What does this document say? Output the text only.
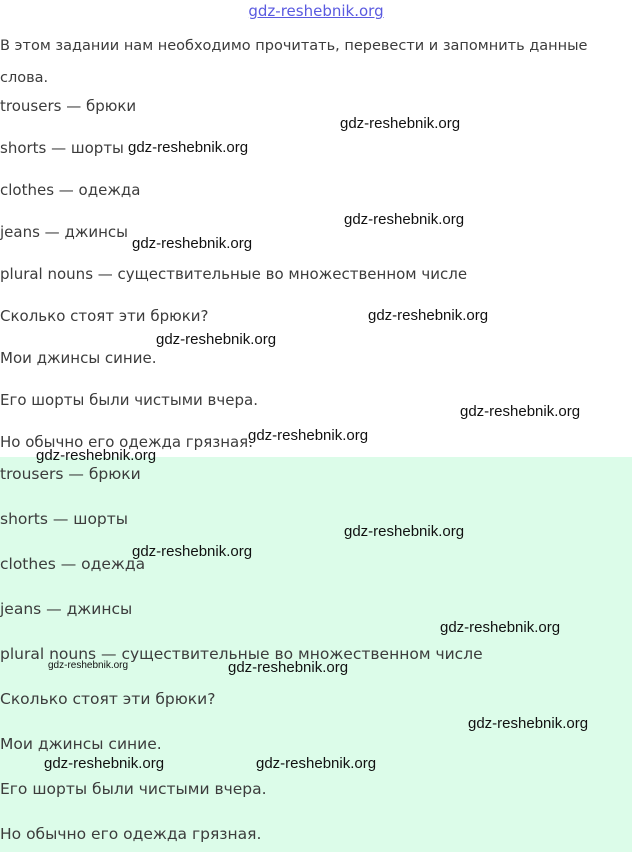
gdz-reshebnik.org
В этом задании нам необходимо прочитать, перевести и запомнить данные слова.
trousers — брюки
shorts — шорты
clothes — одежда
jeans — джинсы
plural nouns — существительные во множественном числе
Сколько стоят эти брюки?
Мои джинсы синие.
Его шорты были чистыми вчера.
Но обычно его одежда грязная.
trousers — брюки
shorts — шорты
clothes — одежда
jeans — джинсы
plural nouns — существительные во множественном числе
Сколько стоят эти брюки?
Мои джинсы синие.
Его шорты были чистыми вчера.
Но обычно его одежда грязная.
gdz-reshebnik.org
gdz-reshebnik.org
gdz-reshebnik.org
gdz-reshebnik.org
gdz-reshebnik.org
gdz-reshebnik.org
gdz-reshebnik.org
gdz-reshebnik.org
gdz-reshebnik.org
gdz-reshebnik.org
gdz-reshebnik.org
gdz-reshebnik.org
gdz-reshebnik.org	gdz-reshebnik.org
gdz-reshebnik.org
gdz-reshebnik.org	gdz-reshebnik.org
